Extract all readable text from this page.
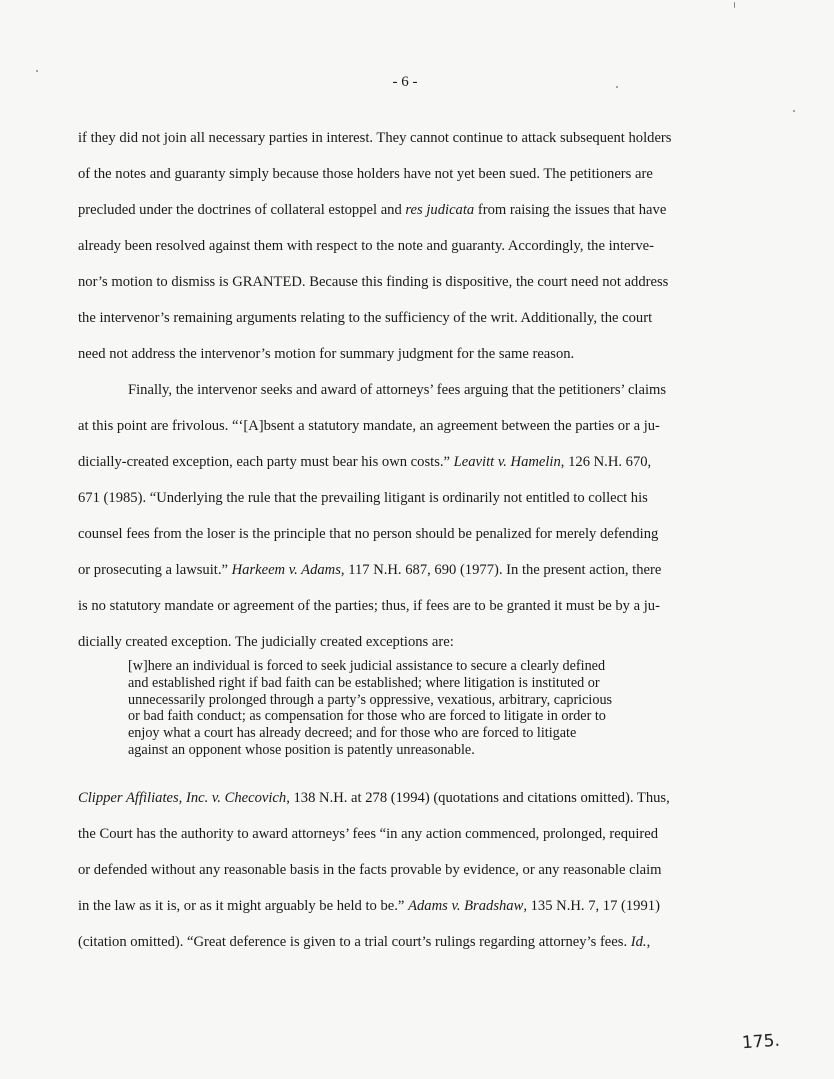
- 6 -
if they did not join all necessary parties in interest. They cannot continue to attack subsequent holders
of the notes and guaranty simply because those holders have not yet been sued. The petitioners are
precluded under the doctrines of collateral estoppel and res judicata from raising the issues that have
already been resolved against them with respect to the note and guaranty. Accordingly, the interve-
nor’s motion to dismiss is GRANTED. Because this finding is dispositive, the court need not address
the intervenor’s remaining arguments relating to the sufficiency of the writ. Additionally, the court
need not address the intervenor’s motion for summary judgment for the same reason.
Finally, the intervenor seeks and award of attorneys’ fees arguing that the petitioners’ claims
at this point are frivolous. “‘[A]bsent a statutory mandate, an agreement between the parties or a ju-
dicially-created exception, each party must bear his own costs.” Leavitt v. Hamelin, 126 N.H. 670,
671 (1985). “Underlying the rule that the prevailing litigant is ordinarily not entitled to collect his
counsel fees from the loser is the principle that no person should be penalized for merely defending
or prosecuting a lawsuit.” Harkeem v. Adams, 117 N.H. 687, 690 (1977). In the present action, there
is no statutory mandate or agreement of the parties; thus, if fees are to be granted it must be by a ju-
dicially created exception. The judicially created exceptions are:
[w]here an individual is forced to seek judicial assistance to secure a clearly defined
and established right if bad faith can be established; where litigation is instituted or
unnecessarily prolonged through a party’s oppressive, vexatious, arbitrary, capricious
or bad faith conduct; as compensation for those who are forced to litigate in order to
enjoy what a court has already decreed; and for those who are forced to litigate
against an opponent whose position is patently unreasonable.
Clipper Affiliates, Inc. v. Checovich, 138 N.H. at 278 (1994) (quotations and citations omitted). Thus,
the Court has the authority to award attorneys’ fees “in any action commenced, prolonged, required
or defended without any reasonable basis in the facts provable by evidence, or any reasonable claim
in the law as it is, or as it might arguably be held to be.” Adams v. Bradshaw, 135 N.H. 7, 17 (1991)
(citation omitted). “Great deference is given to a trial court’s rulings regarding attorney’s fees. Id.,
175.
